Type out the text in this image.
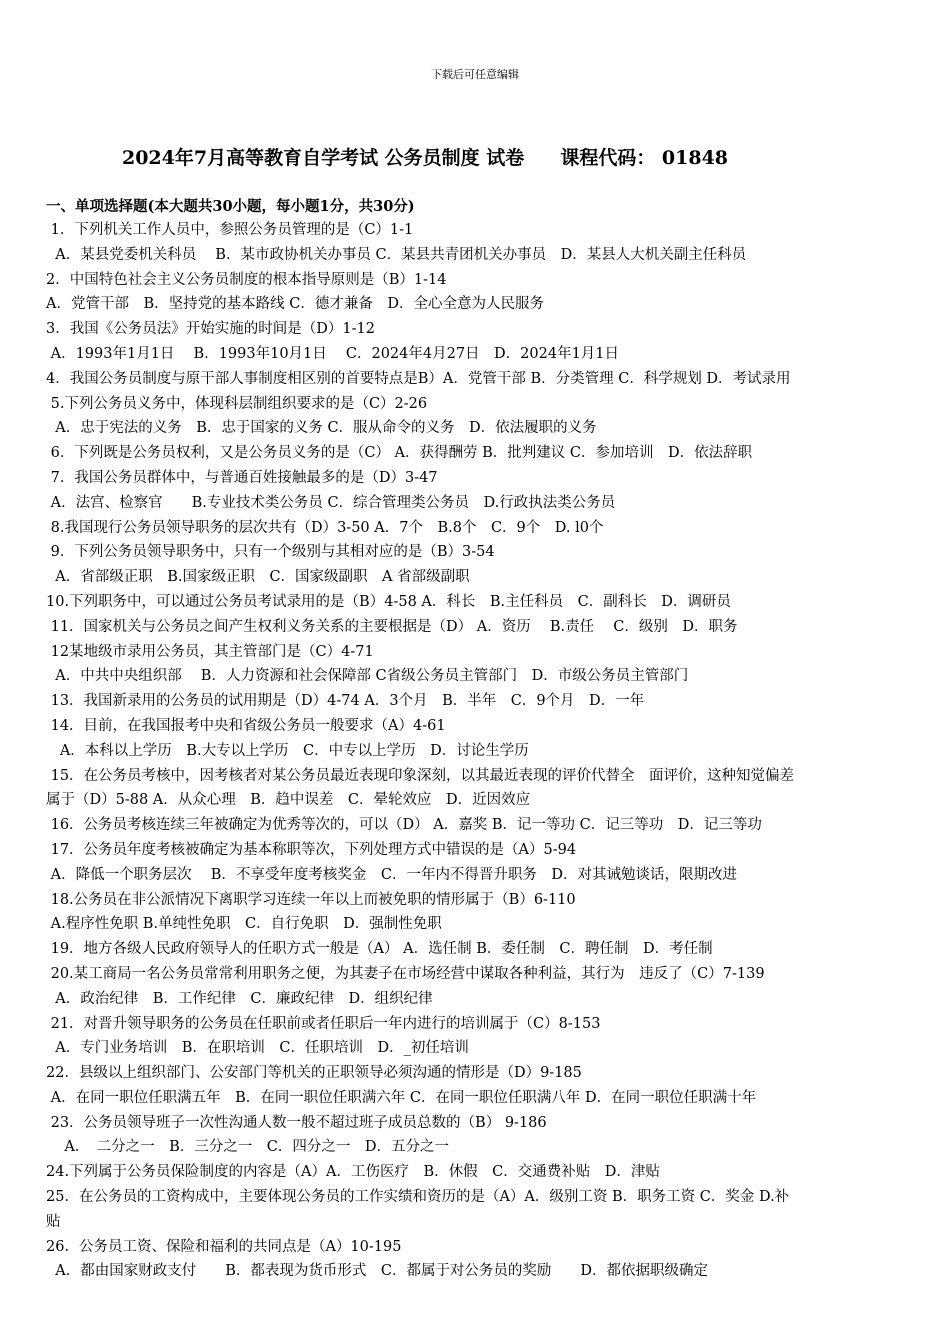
下载后可任意编辑
2024年7月高等教育自学考试 公务员制度 试卷 课程代码： 01848
一、单项选择题(本大题共30小题，每小题1分，共30分)
1．下列机关工作人员中，参照公务员管理的是（C）1-1
A．某县党委机关科员　 B．某市政协机关办事员 C．某县共青团机关办事员　D．某县人大机关副主任科员
2．中国特色社会主义公务员制度的根本指导原则是（B）1-14
A．党管干部　B．坚持党的基本路线 C．德才兼备　D．全心全意为人民服务
3．我国《公务员法》开始实施的时间是（D）1-12
A．1993年1月1日　 B．1993年10月1日　 C．2024年4月27日　D．2024年1月1日
4．我国公务员制度与原干部人事制度相区别的首要特点是B）A．党管干部 B．分类管理 C．科学规划 D．考试录用
5.下列公务员义务中，体现科层制组织要求的是（C）2-26
A．忠于宪法的义务　B．忠于国家的义务 C．服从命令的义务　D．依法履职的义务
6．下列既是公务员权利，又是公务员义务的是（C） A．获得酬劳 B．批判建议 C．参加培训　D．依法辞职
7．我国公务员群体中，与普通百姓接触最多的是（D）3-47
A．法宫、检察官　　B.专业技术类公务员 C．综合管理类公务员　D.行政执法类公务员
8.我国现行公务员领导职务的层次共有（D）3-50 A．7个　B.8个　C．9个　D. l0个
9．下列公务员领导职务中，只有一个级别与其相对应的是（B）3-54
A．省部级正职　B.国家级正职　C．国家级副职　A 省部级副职
10.下列职务中，可以通过公务员考试录用的是（B）4-58 A．科长　B.主任科员　C．副科长　D．调研员
11．国家机关与公务员之间产生权利义务关系的主要根据是（D） A．资历　 B.责任　 C．级别　D．职务
12某地级市录用公务员，其主管部门是（C）4-71
A．中共中央组织部　 B．人力资源和社会保障部 C省级公务员主管部门　D．市级公务员主管部门
13．我国新录用的公务员的试用期是（D）4-74 A．3个月　B．半年　C．9个月　D．一年
14．目前，在我国报考中央和省级公务员一般要求（A）4-61
A．本科以上学历　B.大专以上学历　C．中专以上学历　D．讨论生学历
15．在公务员考核中，因考核者对某公务员最近表现印象深刻，以其最近表现的评价代替全　面评价，这种知觉偏差
属于（D）5-88 A．从众心理　B．趋中误差　C．晕轮效应　D．近因效应
16．公务员考核连续三年被确定为优秀等次的，可以（D） A．嘉奖 B．记一等功 C．记三等功　D．记三等功
17．公务员年度考核被确定为基本称职等次，下列处理方式中错误的是（A）5-94
A．降低一个职务层次　 B．不享受年度考核奖金　C．一年内不得晋升职务　D．对其诫勉谈话，限期改进
18.公务员在非公派情况下离职学习连续一年以上而被免职的情形属于（B）6-110
A.程序性免职 B.单纯性免职　C．自行免职　D．强制性免职
19．地方各级人民政府领导人的任职方式一般是（A） A．选任制 B．委任制　C．聘任制　D．考任制
20.某工商局一名公务员常常利用职务之便，为其妻子在市场经营中谋取各种利益，其行为　违反了（C）7-139
A．政治纪律　B．工作纪律　C．廉政纪律　D．组织纪律
21．对晋升领导职务的公务员在任职前或者任职后一年内进行的培训属于（C）8-153
A．专门业务培训　B．在职培训　C．任职培训　D．_初任培训
22．县级以上组织部门、公安部门等机关的正职领导必须沟通的情形是（D）9-185
A．在同一职位任职满五年　B．在同一职位任职满六年 C．在同一职位任职满八年 D．在同一职位任职满十年
23．公务员领导班子一次性沟通人数一般不超过班子成员总数的（B） 9-186
A．　二分之一　B．三分之一　C．四分之一　D．五分之一
24.下列属于公务员保险制度的内容是（A）A．工伤医疗　B．休假　C．交通费补贴　D．津贴
25．在公务员的工资构成中，主要体现公务员的工作实绩和资历的是（A）A．级别工资 B．职务工资 C．奖金 D.补
贴
26．公务员工资、保险和福利的共同点是（A）10-195
A．都由国家财政支付　　B．都表现为货币形式　C．都属于对公务员的奖励　　D．都依据职级确定
